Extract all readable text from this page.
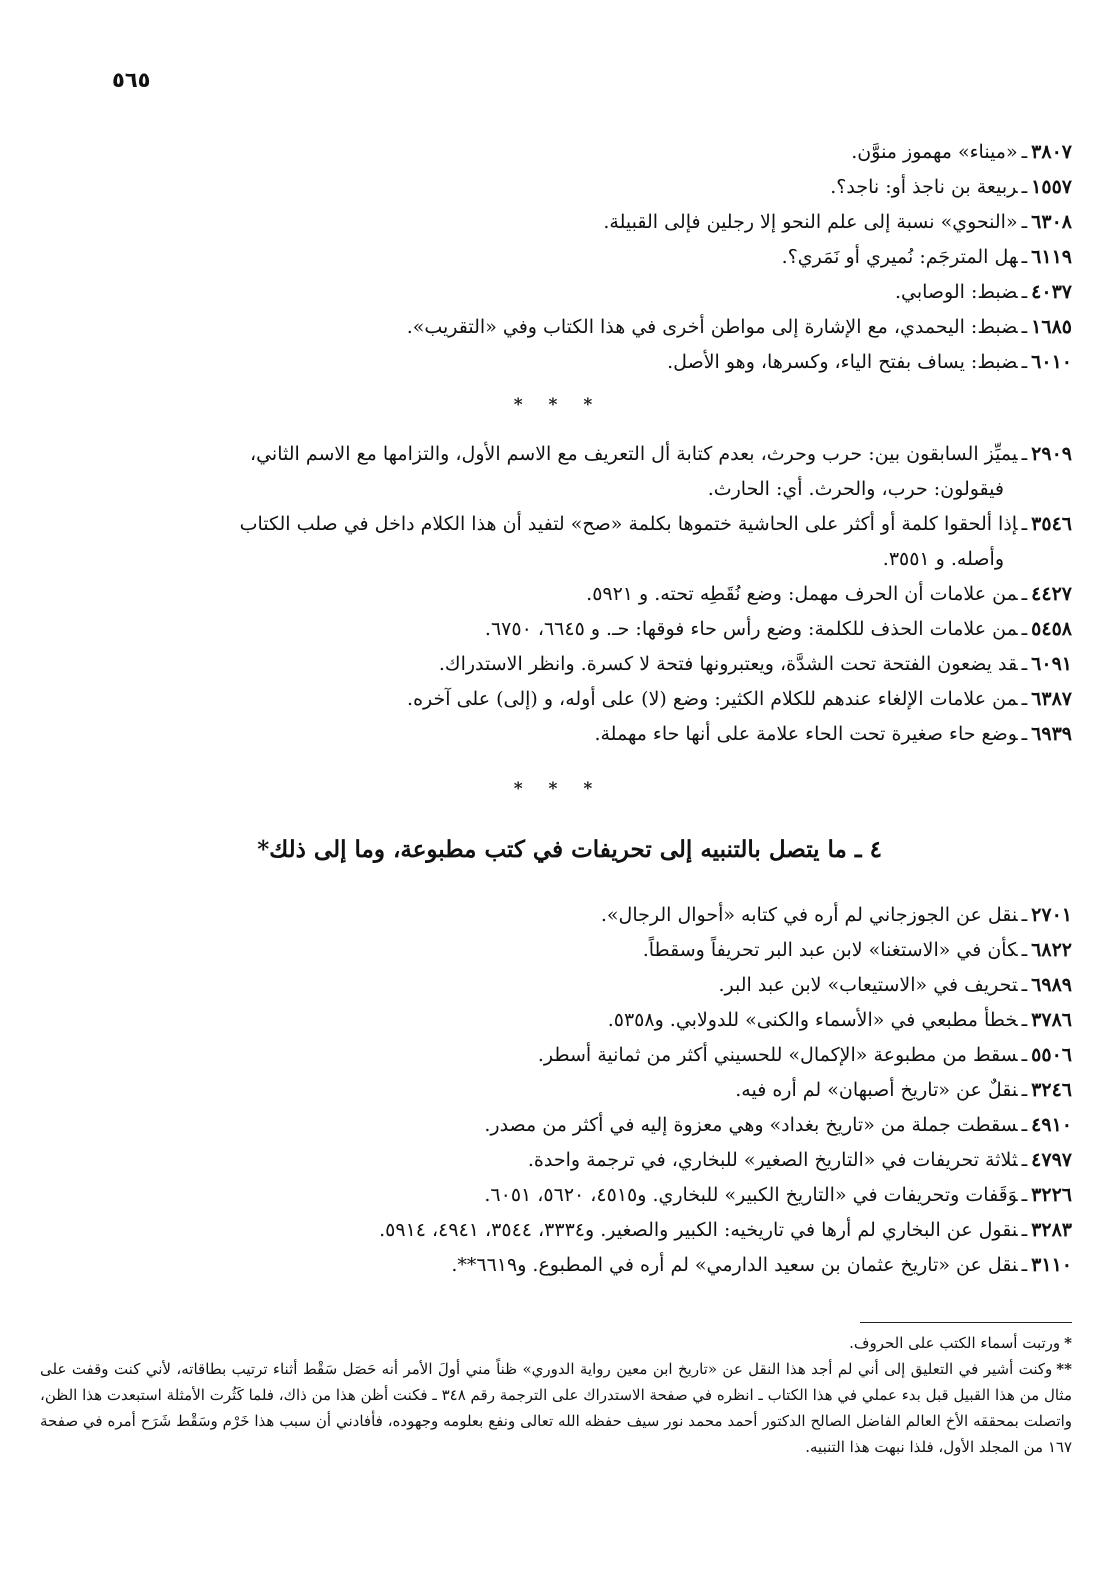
٥٦٥
٣٨٠٧ـ«ميناء» مهموز منوَّن.
١٥٥٧ـربيعة بن ناجذ أو: ناجد؟.
٦٣٠٨ـ«النحوي» نسبة إلى علم النحو إلا رجلين فإلى القبيلة.
٦١١٩ـهل المترجَم: نُميري أو نَمَري؟.
٤٠٣٧ـضبط: الوصابي.
١٦٨٥ـضبط: اليحمدي، مع الإشارة إلى مواطن أخرى في هذا الكتاب وفي «التقريب».
٦٠١٠ـضبط: يساف بفتح الياء، وكسرها، وهو الأصل.
* * *
٢٩٠٩ـيميِّز السابقون بين: حرب وحرث، بعدم كتابة أل التعريف مع الاسم الأول، والتزامها مع الاسم الثاني،
فيقولون: حرب، والحرث. أي: الحارث.
٣٥٤٦ـإذا ألحقوا كلمة أو أكثر على الحاشية ختموها بكلمة «صح» لتفيد أن هذا الكلام داخل في صلب الكتاب
وأصله. و ٣٥٥١.
٤٤٢٧ـمن علامات أن الحرف مهمل: وضع نُقَطِه تحته. و ٥٩٢١.
٥٤٥٨ـمن علامات الحذف للكلمة: وضع رأس حاء فوقها: حـ. و ٦٦٤٥، ٦٧٥٠.
٦٠٩١ـقد يضعون الفتحة تحت الشدَّة، ويعتبرونها فتحة لا كسرة. وانظر الاستدراك.
٦٣٨٧ـمن علامات الإلغاء عندهم للكلام الكثير: وضع (لا) على أوله، و (إلى) على آخره.
٦٩٣٩ـوضع حاء صغيرة تحت الحاء علامة على أنها حاء مهملة.
* * *
٤ ـ ما يتصل بالتنبيه إلى تحريفات في كتب مطبوعة، وما إلى ذلك*
٢٧٠١ـنقل عن الجوزجاني لم أره في كتابه «أحوال الرجال».
٦٨٢٢ـكأن في «الاستغنا» لابن عبد البر تحريفاً وسقطاً.
٦٩٨٩ـتحريف في «الاستيعاب» لابن عبد البر.
٣٧٨٦ـخطأ مطبعي في «الأسماء والكنى» للدولابي. و٥٣٥٨.
٥٥٠٦ـسقط من مطبوعة «الإكمال» للحسيني أكثر من ثمانية أسطر.
٣٢٤٦ـنقلٌ عن «تاريخ أصبهان» لم أره فيه.
٤٩١٠ـسقطت جملة من «تاريخ بغداد» وهي معزوة إليه في أكثر من مصدر.
٤٧٩٧ـثلاثة تحريفات في «التاريخ الصغير» للبخاري، في ترجمة واحدة.
٣٢٢٦ـوَقَفات وتحريفات في «التاريخ الكبير» للبخاري. و٤٥١٥، ٥٦٢٠، ٦٠٥١.
٣٢٨٣ـنقول عن البخاري لم أرها في تاريخيه: الكبير والصغير. و٣٣٣٤، ٣٥٤٤، ٤٩٤١، ٥٩١٤.
٣١١٠ـنقل عن «تاريخ عثمان بن سعيد الدارمي» لم أره في المطبوع. و٦٦١٩**.

*ورتبت أسماء الكتب على الحروف.

**وكنت أشير في التعليق إلى أني لم أجد هذا النقل عن «تاريخ ابن معين رواية الدوري» ظناً مني أولَ الأمر أنه حَصَل سَقْط أثناء ترتيب بطاقاته، لأني كنت وقفت على مثال من هذا القبيل قبل بدء عملي في هذا الكتاب ـ انظره في صفحة الاستدراك على الترجمة رقم ٣٤٨ ـ فكنت أظن هذا من ذاك، فلما كَثُرت الأمثلة استبعدت هذا الظن، واتصلت بمحققه الأخ العالم الفاضل الصالح الدكتور أحمد محمد نور سيف حفظه الله تعالى ونفع بعلومه وجهوده، فأفادني أن سبب هذا خَرْم وسَقْط شَرَح أمره في صفحة ١٦٧ من المجلد الأول، فلذا نبهت هذا التنبيه.
